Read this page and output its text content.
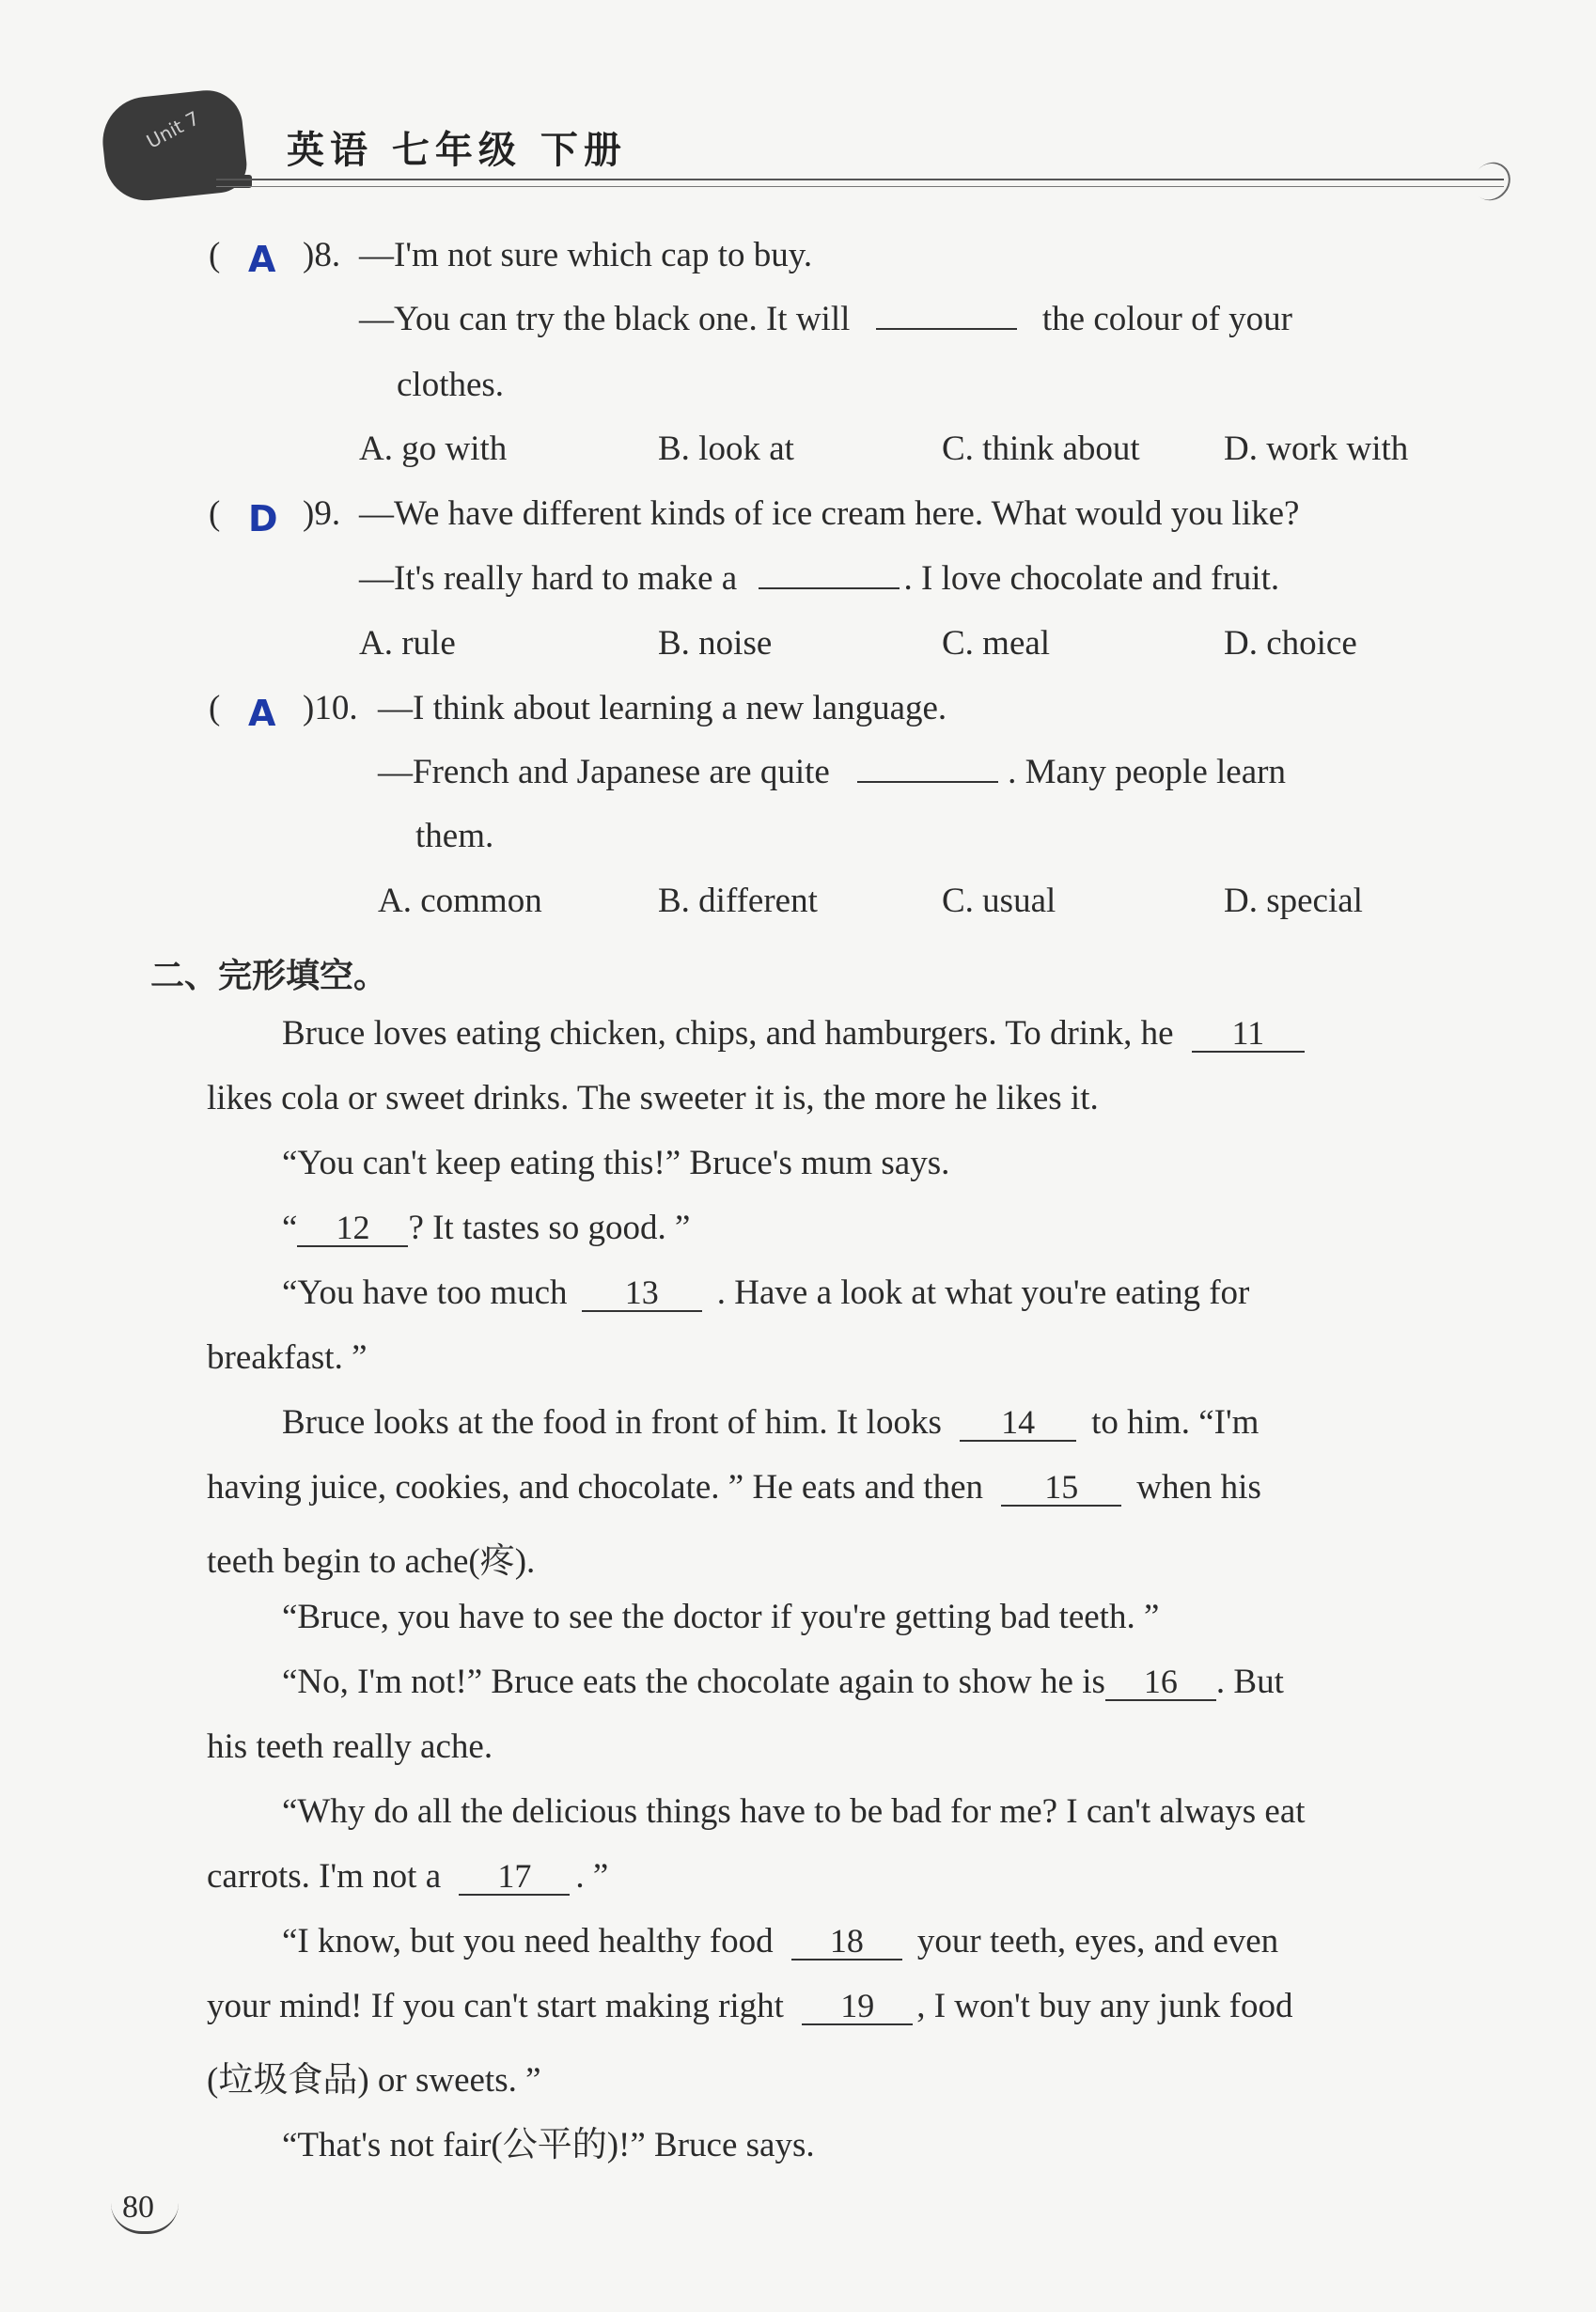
Unit 7 英语 七年级 下册
( A )8. —I'm not sure which cap to buy.
—You can try the black one. It will	the colour of your
clothes.
A. go with	B. look at	C. think about D. work with
( D )9. —We have different kinds of ice cream here. What would you like?
—It's really hard to make a	. I love chocolate and fruit.
A. rule	B. noise	C. meal	D. choice
( A )10. —I think about learning a new language.
—French and Japanese are quite	. Many people learn
them.
A. common	B. different	C. usual	D. special
二、完形填空。
Bruce loves eating chicken, chips, and hamburgers. To drink, he 11
likes cola or sweet drinks. The sweeter it is, the more he likes it.
“You can't keep eating this!” Bruce's mum says.
“ 12 ? It tastes so good. ”
“You have too much 13 . Have a look at what you're eating for
breakfast. ”
Bruce looks at the food in front of him. It looks 14 to him. “I'm
having juice, cookies, and chocolate. ” He eats and then 15 when his
teeth begin to ache(疼).
“Bruce, you have to see the doctor if you're getting bad teeth. ”
“No, I'm not!” Bruce eats the chocolate again to show he is 16 . But
his teeth really ache.
“Why do all the delicious things have to be bad for me? I can't always eat
carrots. I'm not a 17 . ”
“I know, but you need healthy food 18 your teeth, eyes, and even
your mind! If you can't start making right 19 , I won't buy any junk food
(垃圾食品) or sweets. ”
“That's not fair(公平的)!” Bruce says.
80
